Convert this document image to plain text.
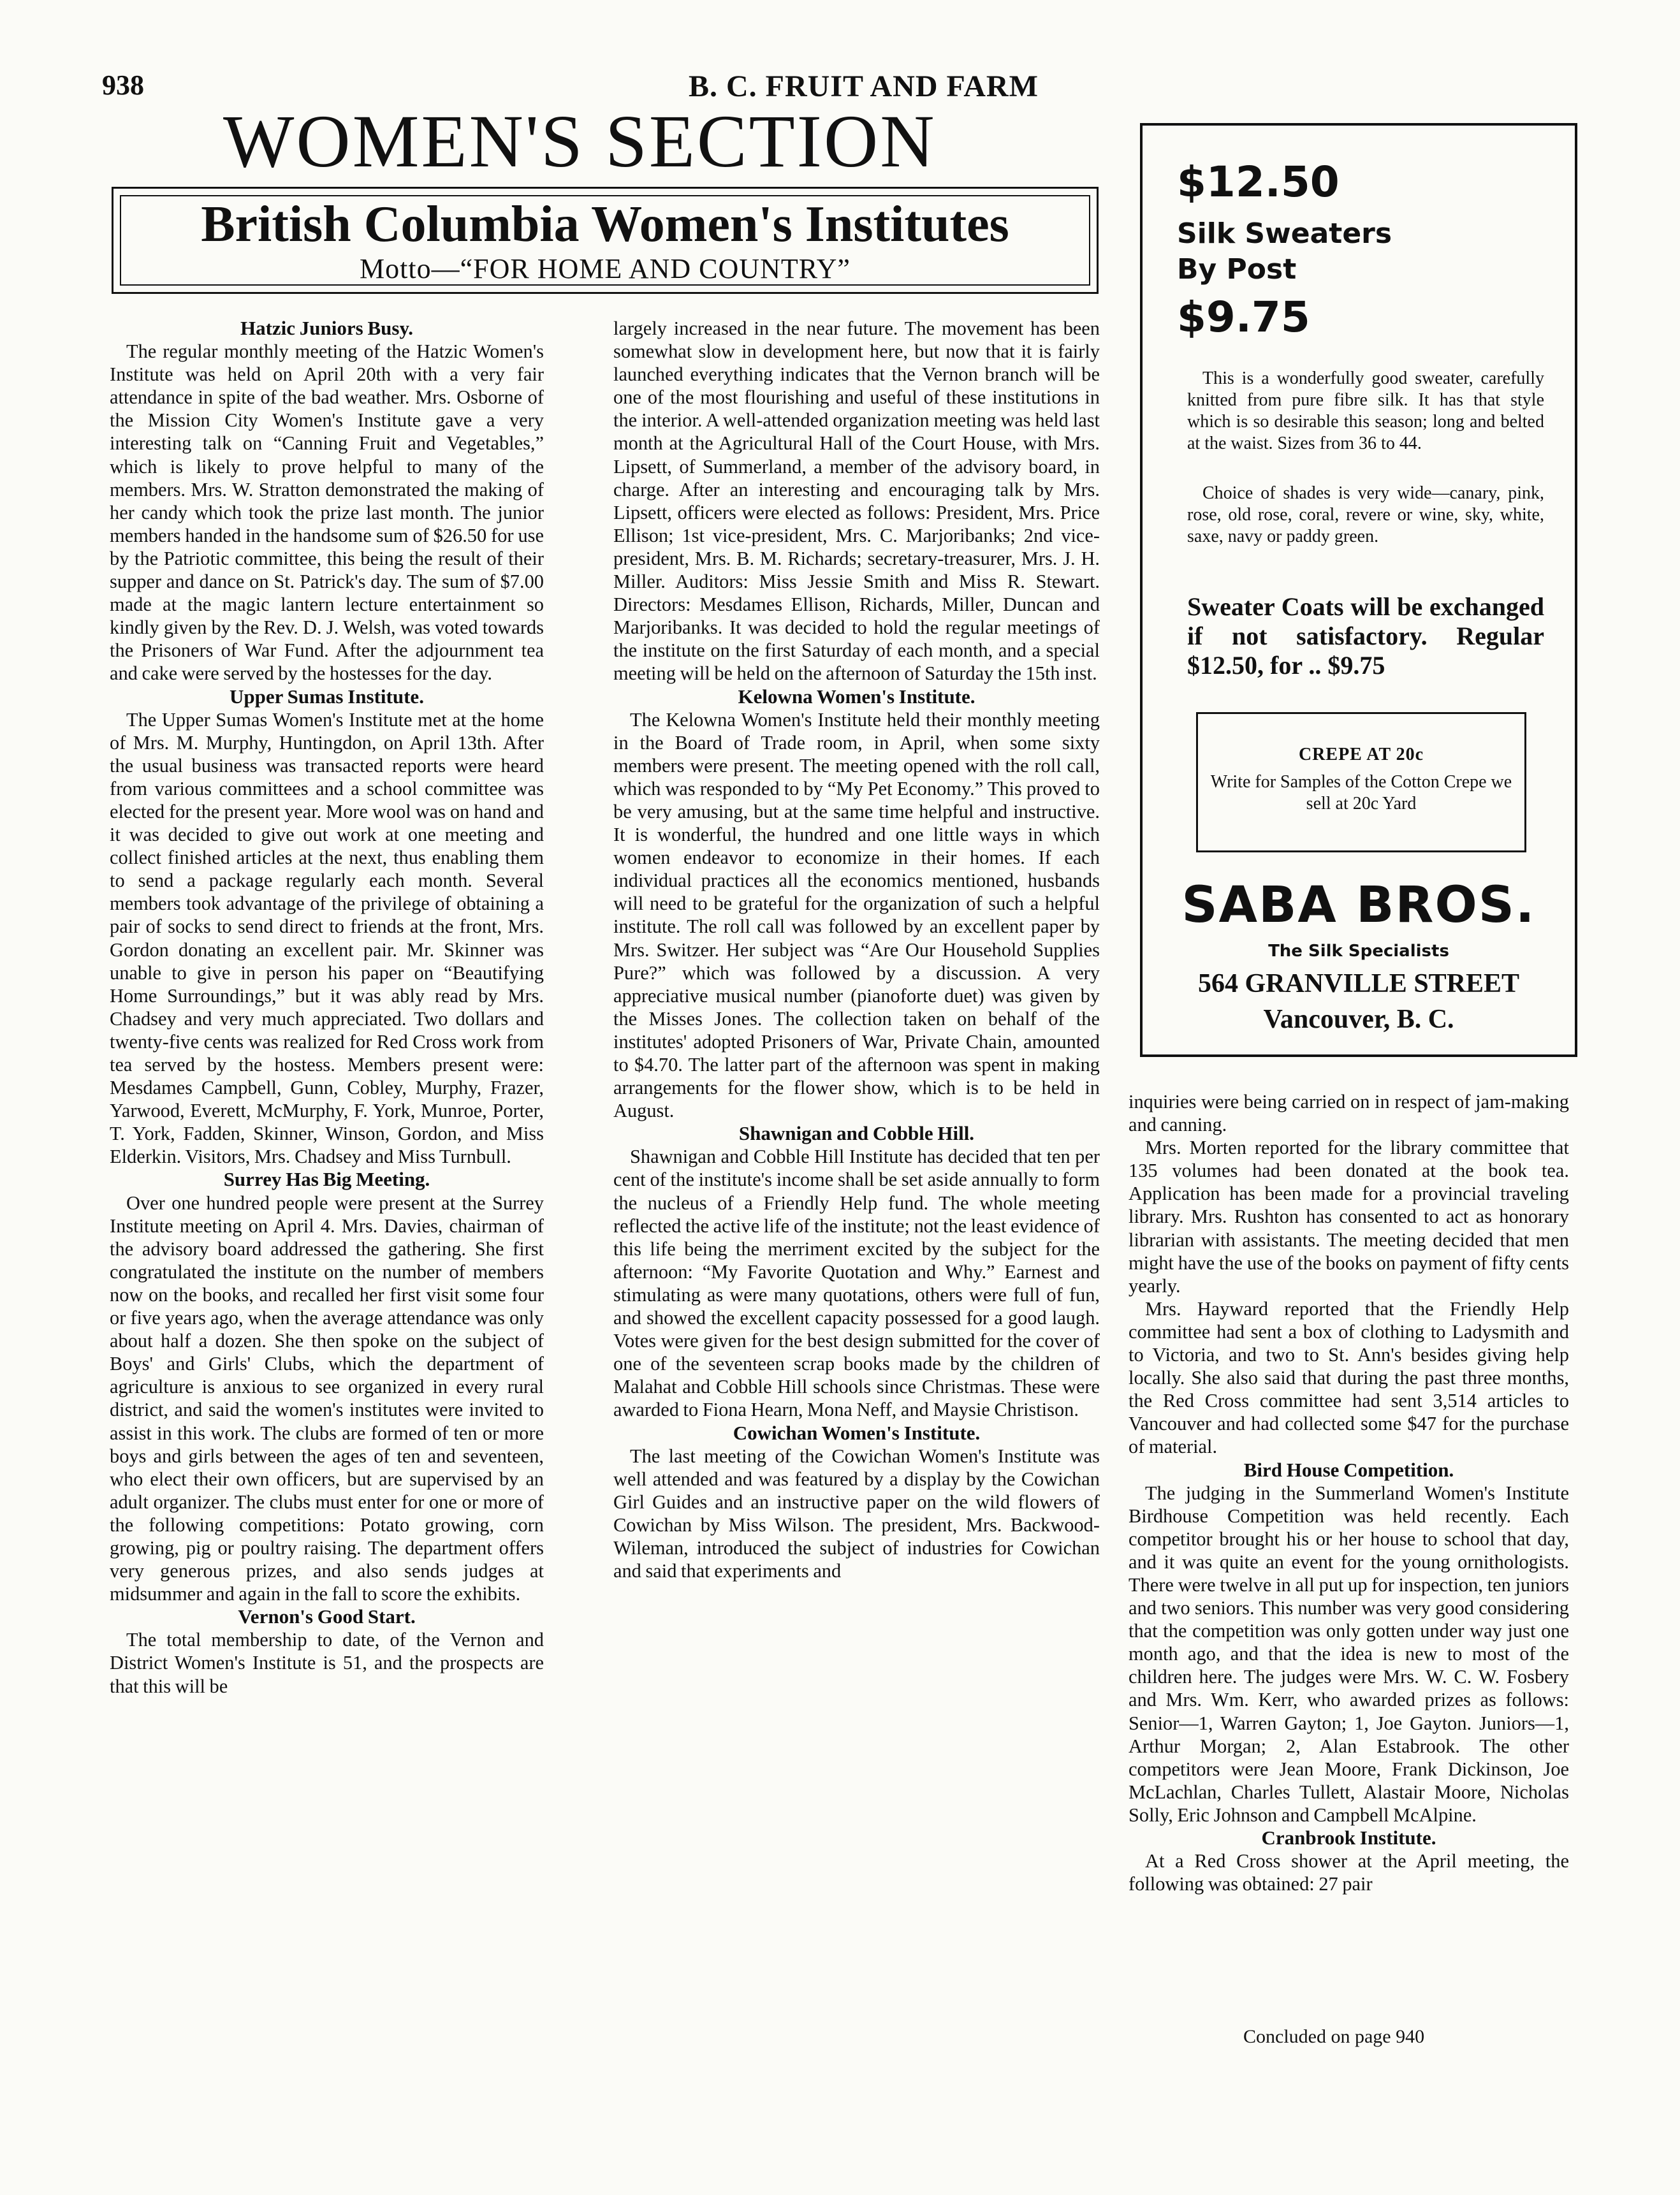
938	B. C. FRUIT AND FARM
WOMEN'S SECTION
British Columbia Women's Institutes
Motto—“FOR HOME AND COUNTRY”
Hatzic Juniors Busy.

The regular monthly meeting of the Hatzic Women's Institute was held on April 20th with a very fair attendance in spite of the bad weather. Mrs. Osborne of the Mission City Women's Institute gave a very interesting talk on “Canning Fruit and Vegetables,” which is likely to prove helpful to many of the members. Mrs. W. Stratton demonstrated the making of her candy which took the prize last month. The junior members handed in the handsome sum of $26.50 for use by the Patriotic committee, this being the result of their supper and dance on St. Patrick's day. The sum of $7.00 made at the magic lantern lecture entertainment so kindly given by the Rev. D. J. Welsh, was voted towards the Prisoners of War Fund. After the adjournment tea and cake were served by the hostesses for the day.

Upper Sumas Institute.

The Upper Sumas Women's Institute met at the home of Mrs. M. Murphy, Huntingdon, on April 13th. After the usual business was transacted reports were heard from various committees and a school committee was elected for the present year. More wool was on hand and it was decided to give out work at one meeting and collect finished articles at the next, thus enabling them to send a package regularly each month. Several members took advantage of the privilege of obtaining a pair of socks to send direct to friends at the front, Mrs. Gordon donating an excellent pair. Mr. Skinner was unable to give in person his paper on “Beautifying Home Surroundings,” but it was ably read by Mrs. Chadsey and very much appreciated. Two dollars and twenty-five cents was realized for Red Cross work from tea served by the hostess. Members present were: Mesdames Campbell, Gunn, Cobley, Murphy, Frazer, Yarwood, Everett, McMurphy, F. York, Munroe, Porter, T. York, Fadden, Skinner, Winson, Gordon, and Miss Elderkin. Visitors, Mrs. Chadsey and Miss Turnbull.

Surrey Has Big Meeting.

Over one hundred people were present at the Surrey Institute meeting on April 4. Mrs. Davies, chairman of the advisory board addressed the gathering. She first congratulated the institute on the number of members now on the books, and recalled her first visit some four or five years ago, when the average attendance was only about half a dozen. She then spoke on the subject of Boys' and Girls' Clubs, which the department of agriculture is anxious to see organized in every rural district, and said the women's institutes were invited to assist in this work. The clubs are formed of ten or more boys and girls between the ages of ten and seventeen, who elect their own officers, but are supervised by an adult organizer. The clubs must enter for one or more of the following competitions: Potato growing, corn growing, pig or poultry raising. The department offers very generous prizes, and also sends judges at midsummer and again in the fall to score the exhibits.

Vernon's Good Start.

The total membership to date, of the Vernon and District Women's Institute is 51, and the prospects are that this will be

largely increased in the near future. The movement has been somewhat slow in development here, but now that it is fairly launched everything indicates that the Vernon branch will be one of the most flourishing and useful of these institutions in the interior. A well-attended organization meeting was held last month at the Agricultural Hall of the Court House, with Mrs. Lipsett, of Summerland, a member of the advisory board, in charge. After an interesting and encouraging talk by Mrs. Lipsett, officers were elected as follows: President, Mrs. Price Ellison; 1st vice-president, Mrs. C. Marjoribanks; 2nd vice-president, Mrs. B. M. Richards; secretary-treasurer, Mrs. J. H. Miller. Auditors: Miss Jessie Smith and Miss R. Stewart. Directors: Mesdames Ellison, Richards, Miller, Duncan and Marjoribanks. It was decided to hold the regular meetings of the institute on the first Saturday of each month, and a special meeting will be held on the afternoon of Saturday the 15th inst.

Kelowna Women's Institute.

The Kelowna Women's Institute held their monthly meeting in the Board of Trade room, in April, when some sixty members were present. The meeting opened with the roll call, which was responded to by “My Pet Economy.” This proved to be very amusing, but at the same time helpful and instructive. It is wonderful, the hundred and one little ways in which women endeavor to economize in their homes. If each individual practices all the economics mentioned, husbands will need to be grateful for the organization of such a helpful institute. The roll call was followed by an excellent paper by Mrs. Switzer. Her subject was “Are Our Household Supplies Pure?” which was followed by a discussion. A very appreciative musical number (pianoforte duet) was given by the Misses Jones. The collection taken on behalf of the institutes' adopted Prisoners of War, Private Chain, amounted to $4.70. The latter part of the afternoon was spent in making arrangements for the flower show, which is to be held in August.

Shawnigan and Cobble Hill.

Shawnigan and Cobble Hill Institute has decided that ten per cent of the institute's income shall be set aside annually to form the nucleus of a Friendly Help fund. The whole meeting reflected the active life of the institute; not the least evidence of this life being the merriment excited by the subject for the afternoon: “My Favorite Quotation and Why.” Earnest and stimulating as were many quotations, others were full of fun, and showed the excellent capacity possessed for a good laugh. Votes were given for the best design submitted for the cover of one of the seventeen scrap books made by the children of Malahat and Cobble Hill schools since Christmas. These were awarded to Fiona Hearn, Mona Neff, and Maysie Christison.

Cowichan Women's Institute.

The last meeting of the Cowichan Women's Institute was well attended and was featured by a display by the Cowichan Girl Guides and an instructive paper on the wild flowers of Cowichan by Miss Wilson. The president, Mrs. Backwood-Wileman, introduced the subject of industries for Cowichan and said that experiments and

$12.50
Silk Sweaters
By Post
$9.75

This is a wonderfully good sweater, carefully knitted from pure fibre silk. It has that style which is so desirable this season; long and belted at the waist. Sizes from 36 to 44.

Choice of shades is very wide—canary, pink, rose, old rose, coral, revere or wine, sky, white, saxe, navy or paddy green.

Sweater Coats will be exchanged if not satisfactory. Regular $12.50, for .. $9.75
CREPE AT 20c
Write for Samples of the Cotton Crepe we sell at 20c Yard
SABA BROS.
The Silk Specialists
564 GRANVILLE STREET
Vancouver, B. C.

inquiries were being carried on in respect of jam-making and canning.

Mrs. Morten reported for the library committee that 135 volumes had been donated at the book tea. Application has been made for a provincial traveling library. Mrs. Rushton has consented to act as honorary librarian with assistants. The meeting decided that men might have the use of the books on payment of fifty cents yearly.

Mrs. Hayward reported that the Friendly Help committee had sent a box of clothing to Ladysmith and to Victoria, and two to St. Ann's besides giving help locally. She also said that during the past three months, the Red Cross committee had sent 3,514 articles to Vancouver and had collected some $47 for the purchase of material.

Bird House Competition.

The judging in the Summerland Women's Institute Birdhouse Competition was held recently. Each competitor brought his or her house to school that day, and it was quite an event for the young ornithologists. There were twelve in all put up for inspection, ten juniors and two seniors. This number was very good considering that the competition was only gotten under way just one month ago, and that the idea is new to most of the children here. The judges were Mrs. W. C. W. Fosbery and Mrs. Wm. Kerr, who awarded prizes as follows: Senior—1, Warren Gayton; 1, Joe Gayton. Juniors—1, Arthur Morgan; 2, Alan Estabrook. The other competitors were Jean Moore, Frank Dickinson, Joe McLachlan, Charles Tullett, Alastair Moore, Nicholas Solly, Eric Johnson and Campbell McAlpine.

Cranbrook Institute.

At a Red Cross shower at the April meeting, the following was obtained: 27 pair

Concluded on page 940
